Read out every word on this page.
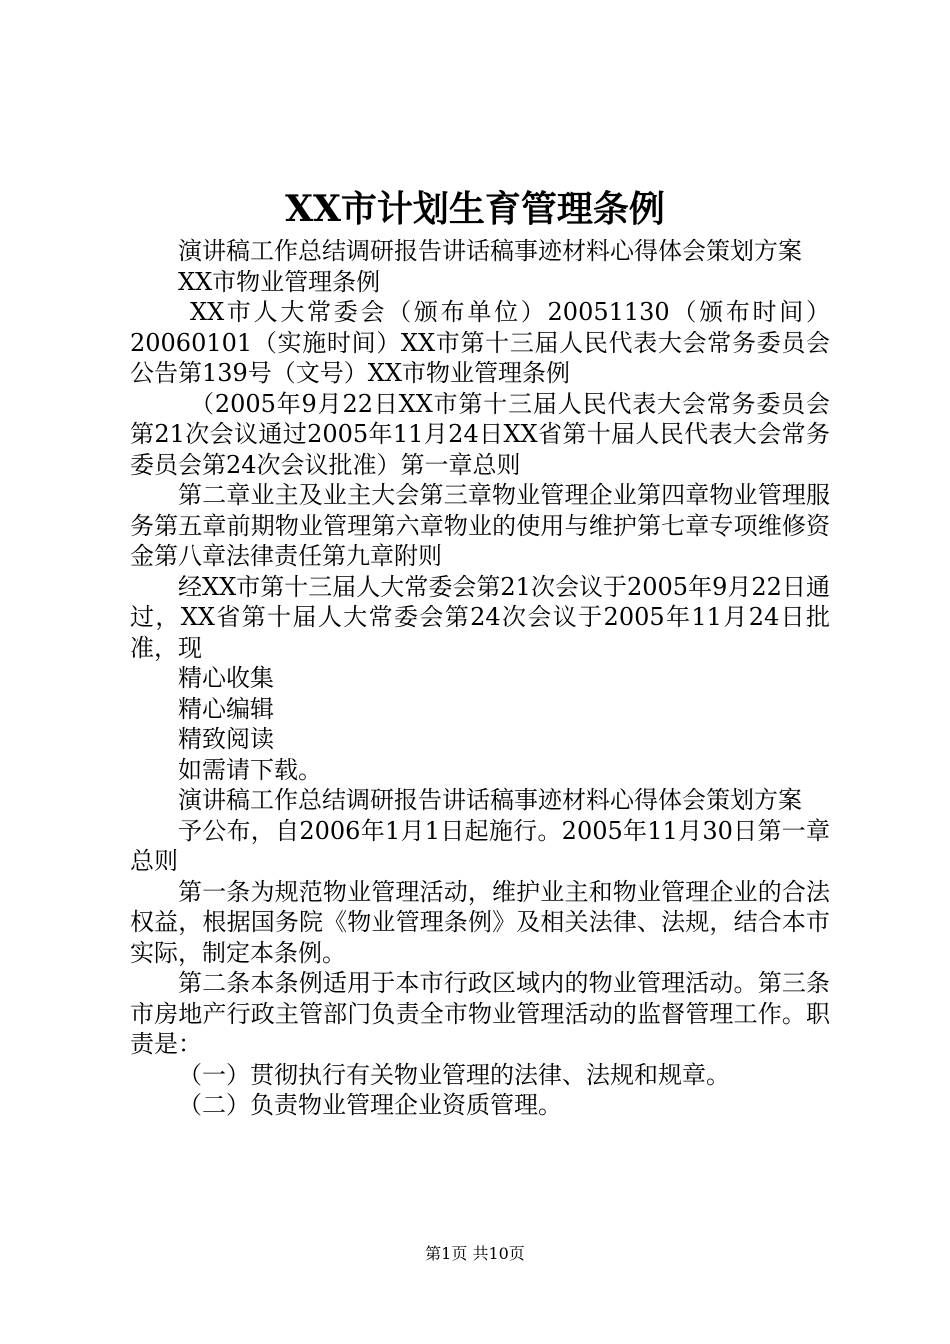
XX市计划生育管理条例

演讲稿工作总结调研报告讲话稿事迹材料心得体会策划方案

XX市物业管理条例

XX市人大常委会（颁布单位）20051130（颁布时间）20060101（实施时间）XX市第十三届人民代表大会常务委员会公告第139号（文号）XX市物业管理条例

（2005年9月22日XX市第十三届人民代表大会常务委员会第21次会议通过2005年11月24日XX省第十届人民代表大会常务委员会第24次会议批准）第一章总则

第二章业主及业主大会第三章物业管理企业第四章物业管理服务第五章前期物业管理第六章物业的使用与维护第七章专项维修资金第八章法律责任第九章附则

经XX市第十三届人大常委会第21次会议于2005年9月22日通过，XX省第十届人大常委会第24次会议于2005年11月24日批准，现

精心收集

精心编辑

精致阅读

如需请下载。

演讲稿工作总结调研报告讲话稿事迹材料心得体会策划方案

予公布，自2006年1月1日起施行。2005年11月30日第一章总则

第一条为规范物业管理活动，维护业主和物业管理企业的合法权益，根据国务院《物业管理条例》及相关法律、法规，结合本市实际，制定本条例。

第二条本条例适用于本市行政区域内的物业管理活动。第三条市房地产行政主管部门负责全市物业管理活动的监督管理工作。职责是：

（一）贯彻执行有关物业管理的法律、法规和规章。

（二）负责物业管理企业资质管理。

第1页 共10页
